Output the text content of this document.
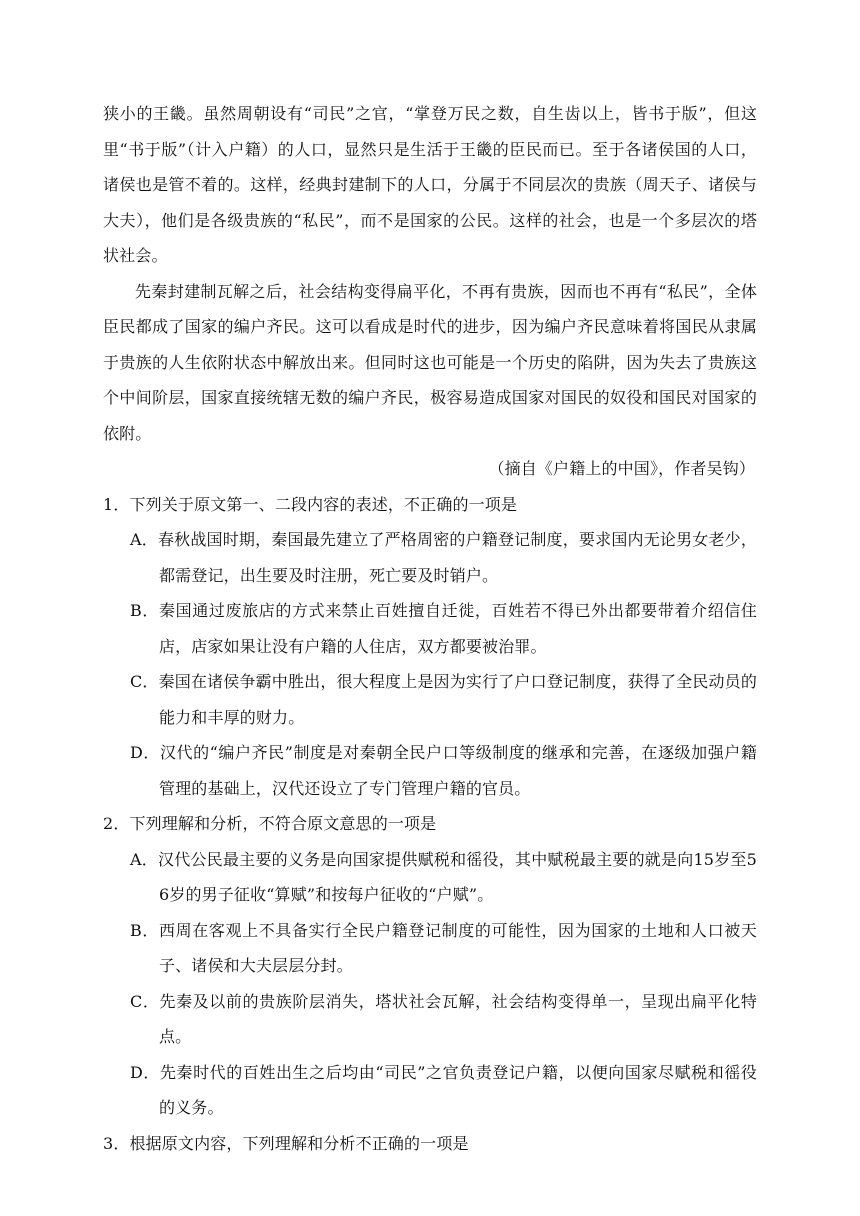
狭小的王畿。虽然周朝设有“司民”之官，“掌登万民之数，自生齿以上，皆书于版”，但这里“书于版”（计入户籍）的人口，显然只是生活于王畿的臣民而已。至于各诸侯国的人口，诸侯也是管不着的。这样，经典封建制下的人口，分属于不同层次的贵族（周天子、诸侯与大夫），他们是各级贵族的“私民”，而不是国家的公民。这样的社会，也是一个多层次的塔状社会。

先秦封建制瓦解之后，社会结构变得扁平化，不再有贵族，因而也不再有“私民”，全体臣民都成了国家的编户齐民。这可以看成是时代的进步，因为编户齐民意味着将国民从隶属于贵族的人生依附状态中解放出来。但同时这也可能是一个历史的陷阱，因为失去了贵族这个中间阶层，国家直接统辖无数的编户齐民，极容易造成国家对国民的奴役和国民对国家的依附。

（摘自《户籍上的中国》，作者吴钩）

1．下列关于原文第一、二段内容的表述，不正确的一项是

A．春秋战国时期，秦国最先建立了严格周密的户籍登记制度，要求国内无论男女老少，都需登记，出生要及时注册，死亡要及时销户。
B．秦国通过废旅店的方式来禁止百姓擅自迁徙，百姓若不得已外出都要带着介绍信住店，店家如果让没有户籍的人住店，双方都要被治罪。
C．秦国在诸侯争霸中胜出，很大程度上是因为实行了户口登记制度，获得了全民动员的能力和丰厚的财力。
D．汉代的“编户齐民”制度是对秦朝全民户口等级制度的继承和完善，在逐级加强户籍管理的基础上，汉代还设立了专门管理户籍的官员。

2．下列理解和分析，不符合原文意思的一项是

A．汉代公民最主要的义务是向国家提供赋税和徭役，其中赋税最主要的就是向15岁至56岁的男子征收“算赋”和按每户征收的“户赋”。
B．西周在客观上不具备实行全民户籍登记制度的可能性，因为国家的土地和人口被天子、诸侯和大夫层层分封。
C．先秦及以前的贵族阶层消失，塔状社会瓦解，社会结构变得单一，呈现出扁平化特点。
D．先秦时代的百姓出生之后均由“司民”之官负责登记户籍，以便向国家尽赋税和徭役的义务。

3．根据原文内容，下列理解和分析不正确的一项是
